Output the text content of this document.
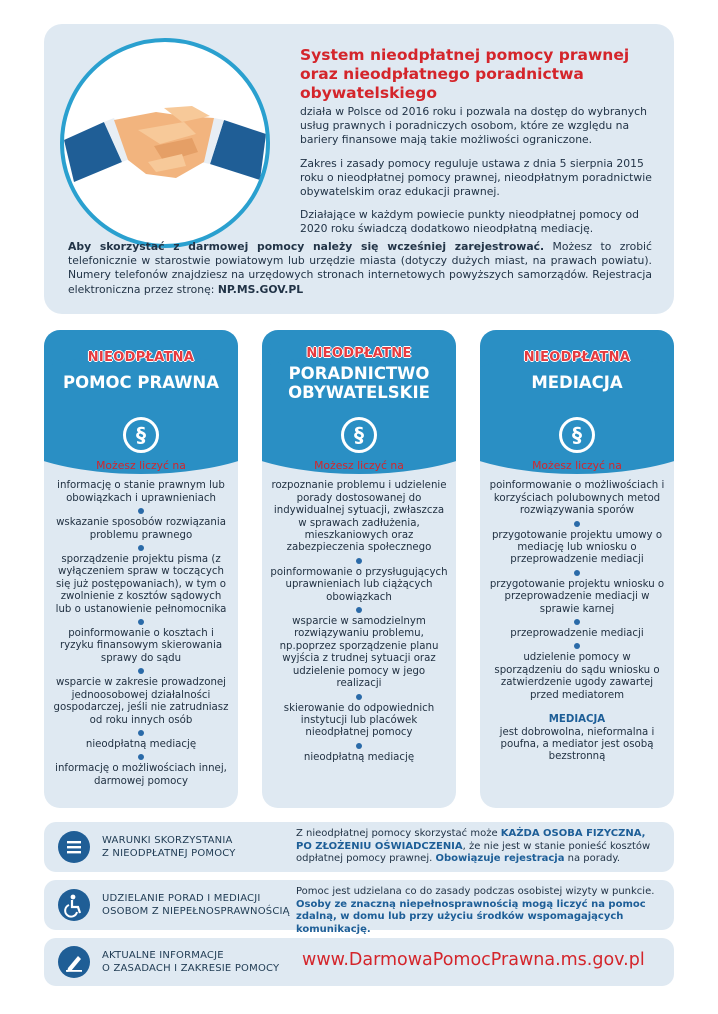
System nieodpłatnej pomocy prawnej oraz nieodpłatnego poradnictwa obywatelskiego

działa w Polsce od 2016 roku i pozwala na dostęp do wybranych usług prawnych i poradniczych osobom, które ze względu na bariery finansowe mają takie możliwości ograniczone.

Zakres i zasady pomocy reguluje ustawa z dnia 5 sierpnia 2015 roku o nieodpłatnej pomocy prawnej, nieodpłatnym poradnictwie obywatelskim oraz edukacji prawnej.

Działające w każdym powiecie punkty nieodpłatnej pomocy od 2020 roku świadczą dodatkowo nieodpłatną mediację.

Aby skorzystać z darmowej pomocy należy się wcześniej zarejestrować. Możesz to zrobić telefonicznie w starostwie powiatowym lub urzędzie miasta (dotyczy dużych miast, na prawach powiatu). Numery telefonów znajdziesz na urzędowych stronach internetowych powyższych samorządów. Rejestracja elektroniczna przez stronę: NP.MS.GOV.PL
NIEODPŁATNA
POMOC PRAWNA
§
Możesz liczyć na
informację o stanie prawnym lub obowiązkach i uprawnieniach
wskazanie sposobów rozwiązania problemu prawnego
sporządzenie projektu pisma (z wyłączeniem spraw w toczących się już postępowaniach), w tym o zwolnienie z kosztów sądowych lub o ustanowienie pełnomocnika
poinformowanie o kosztach i ryzyku finansowym skierowania sprawy do sądu
wsparcie w zakresie prowadzonej jednoosobowej działalności gospodarczej, jeśli nie zatrudniasz od roku innych osób
nieodpłatną mediację
informację o możliwościach innej, darmowej pomocy
NIEODPŁATNE
PORADNICTWO OBYWATELSKIE
§
Możesz liczyć na
rozpoznanie problemu i udzielenie porady dostosowanej do indywidualnej sytuacji, zwłaszcza w sprawach zadłużenia, mieszkaniowych oraz zabezpieczenia społecznego
poinformowanie o przysługujących uprawnieniach lub ciążących obowiązkach
wsparcie w samodzielnym rozwiązywaniu problemu, np.poprzez sporządzenie planu wyjścia z trudnej sytuacji oraz udzielenie pomocy w jego realizacji
skierowanie do odpowiednich instytucji lub placówek nieodpłatnej pomocy
nieodpłatną mediację
NIEODPŁATNA
MEDIACJA
§
Możesz liczyć na
poinformowanie o możliwościach i korzyściach polubownych metod rozwiązywania sporów
przygotowanie projektu umowy o mediację lub wniosku o przeprowadzenie mediacji
przygotowanie projektu wniosku o przeprowadzenie mediacji w sprawie karnej
przeprowadzenie mediacji
udzielenie pomocy w sporządzeniu do sądu wniosku o zatwierdzenie ugody zawartej przed mediatorem
MEDIACJA
jest dobrowolna, nieformalna i poufna, a mediator jest osobą bezstronną
WARUNKI SKORZYSTANIA
Z NIEODPŁATNEJ POMOCY
Z nieodpłatnej pomocy skorzystać może KAŻDA OSOBA FIZYCZNA, PO ZŁOŻENIU OŚWIADCZENIA, że nie jest w stanie ponieść kosztów odpłatnej pomocy prawnej. Obowiązuje rejestracja na porady.
UDZIELANIE PORAD I MEDIACJI
OSOBOM Z NIEPEŁNOSPRAWNOŚCIĄ
Pomoc jest udzielana co do zasady podczas osobistej wizyty w punkcie. Osoby ze znaczną niepełnosprawnością mogą liczyć na pomoc zdalną, w domu lub przy użyciu środków wspomagających komunikację.
AKTUALNE INFORMACJE
O ZASADACH I ZAKRESIE POMOCY www.DarmowaPomocPrawna.ms.gov.pl
